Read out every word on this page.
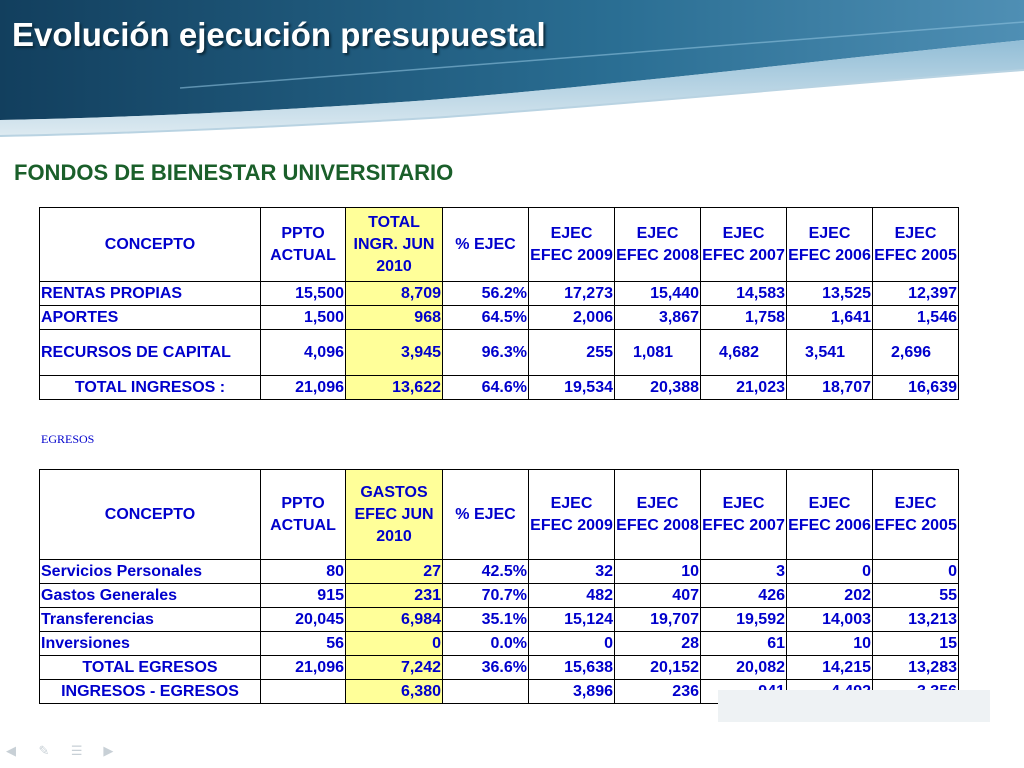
Evolución ejecución presupuestal
FONDOS DE BIENESTAR UNIVERSITARIO
CONCEPTO	PPTO ACTUAL	TOTAL INGR. JUN 2010	% EJEC	EJEC EFEC 2009	EJEC EFEC 2008	EJEC EFEC 2007	EJEC EFEC 2006	EJEC EFEC 2005
RENTAS PROPIAS	15,500	8,709	56.2%	17,273	15,440	14,583	13,525	12,397
APORTES	1,500	968	64.5%	2,006	3,867	1,758	1,641	1,546
RECURSOS DE CAPITAL	4,096	3,945	96.3%	255	1,081	4,682	3,541	2,696
TOTAL INGRESOS :	21,096	13,622	64.6%	19,534	20,388	21,023	18,707	16,639
EGRESOS
CONCEPTO	PPTO ACTUAL	GASTOS EFEC JUN 2010	% EJEC	EJEC EFEC 2009	EJEC EFEC 2008	EJEC EFEC 2007	EJEC EFEC 2006	EJEC EFEC 2005
Servicios Personales	80	27	42.5%	32	10	3	0	0
Gastos Generales	915	231	70.7%	482	407	426	202	55
Transferencias	20,045	6,984	35.1%	15,124	19,707	19,592	14,003	13,213
Inversiones	56	0	0.0%	0	28	61	10	15
TOTAL EGRESOS	21,096	7,242	36.6%	15,638	20,152	20,082	14,215	13,283
INGRESOS - EGRESOS		6,380		3,896	236			
◀ ✎ ☰ ▶
